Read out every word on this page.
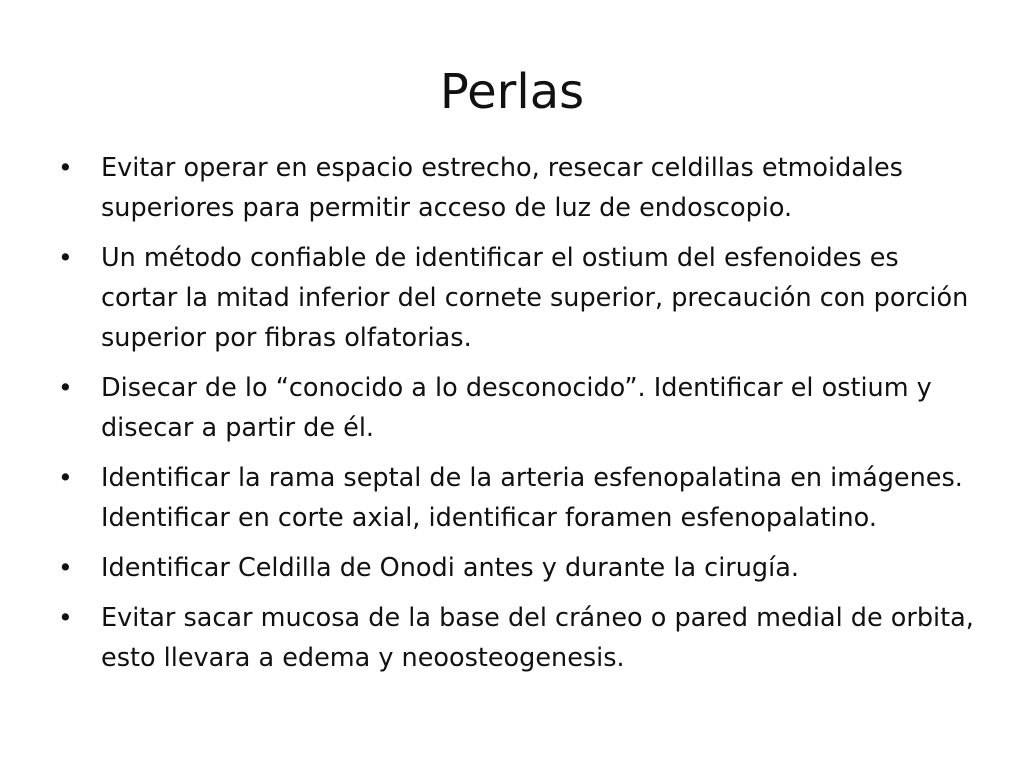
Perlas
• Evitar operar en espacio estrecho, resecar celdillas etmoidales superiores para permitir acceso de luz de endoscopio.
• Un método confiable de identificar el ostium del esfenoides es cortar la mitad inferior del cornete superior, precaución con porción superior por fibras olfatorias.
• Disecar de lo “conocido a lo desconocido”. Identificar el ostium y disecar a partir de él.
• Identificar la rama septal de la arteria esfenopalatina en imágenes. Identificar en corte axial, identificar foramen esfenopalatino.
• Identificar Celdilla de Onodi antes y durante la cirugía.
• Evitar sacar mucosa de la base del cráneo o pared medial de orbita, esto llevara a edema y neoosteogenesis.
